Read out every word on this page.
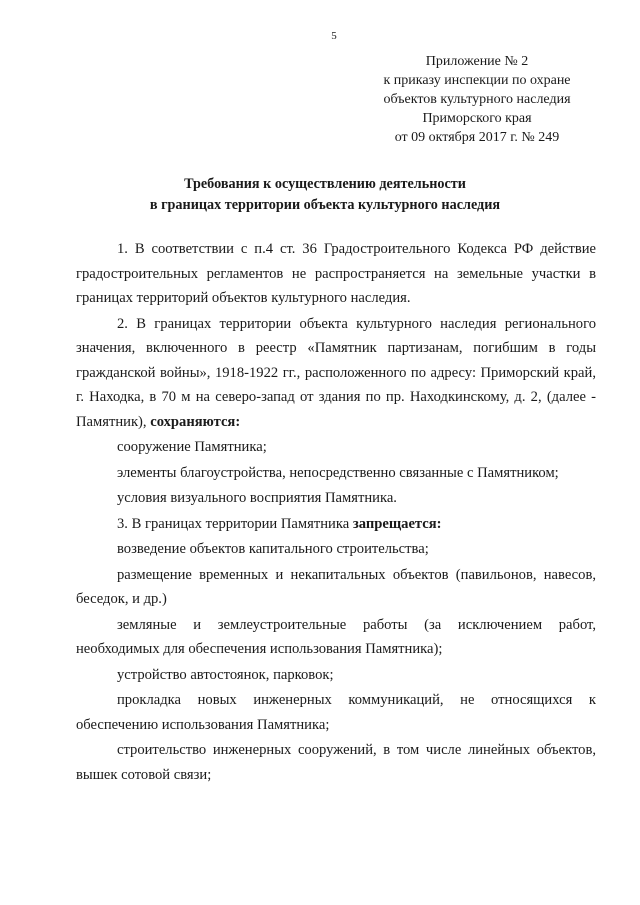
5
Приложение № 2
к приказу инспекции по охране
объектов культурного наследия
Приморского края
от 09 октября 2017 г. № 249
Требования к осуществлению деятельности
в границах территории объекта культурного наследия

1. В соответствии с п.4 ст. 36 Градостроительного Кодекса РФ действие градостроительных регламентов не распространяется на земельные участки в границах территорий объектов культурного наследия.

2. В границах территории объекта культурного наследия регионального значения, включенного в реестр «Памятник партизанам, погибшим в годы гражданской войны», 1918-1922 гг., расположенного по адресу: Приморский край, г. Находка, в 70 м на северо-запад от здания по пр. Находкинскому, д. 2, (далее - Памятник), сохраняются:

сооружение Памятника;

элементы благоустройства, непосредственно связанные с Памятником;

условия визуального восприятия Памятника.

3. В границах территории Памятника запрещается:

возведение объектов капитального строительства;

размещение временных и некапитальных объектов (павильонов, навесов, беседок, и др.)

земляные и землеустроительные работы (за исключением работ, необходимых для обеспечения использования Памятника);

устройство автостоянок, парковок;

прокладка новых инженерных коммуникаций, не относящихся к обеспечению использования Памятника;

строительство инженерных сооружений, в том числе линейных объектов, вышек сотовой связи;
